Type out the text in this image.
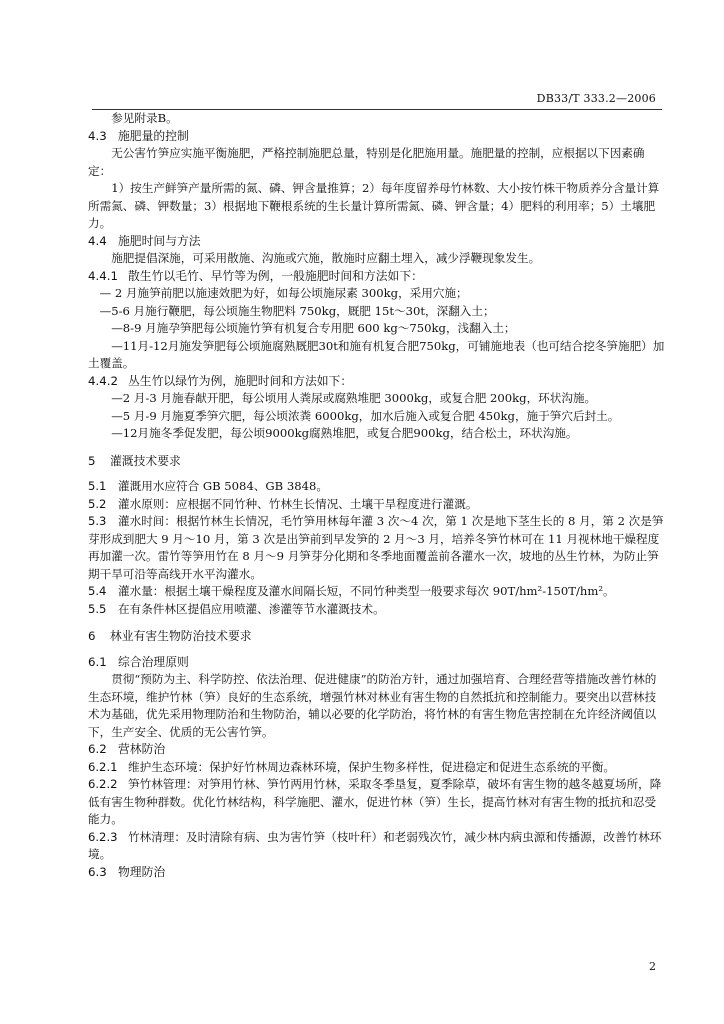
DB33/T 333.2—2006

参见附录B。

4.3 施肥量的控制

无公害竹笋应实施平衡施肥，严格控制施肥总量，特别是化肥施用量。施肥量的控制，应根据以下因素确定：

1）按生产鲜笋产量所需的氮、磷、钾含量推算；2）每年度留养母竹林数、大小按竹株干物质养分含量计算所需氮、磷、钾数量；3）根据地下鞭根系统的生长量计算所需氮、磷、钾含量；4）肥料的利用率；5）土壤肥力。

4.4 施肥时间与方法

施肥提倡深施，可采用散施、沟施或穴施，散施时应翻土埋入，减少浮鞭现象发生。

4.4.1 散生竹以毛竹、早竹等为例，一般施肥时间和方法如下：

— 2 月施笋前肥以施速效肥为好，如每公顷施尿素 300kg，采用穴施；

—5-6 月施行鞭肥，每公顷施生物肥料 750kg，厩肥 15t～30t，深翻入土；

—8-9 月施孕笋肥每公顷施竹笋有机复合专用肥 600 kg～750kg，浅翻入土；

—11月-12月施发笋肥每公顷施腐熟厩肥30t和施有机复合肥750kg，可铺施地表（也可结合挖冬笋施肥）加土覆盖。

4.4.2 丛生竹以绿竹为例，施肥时间和方法如下：

—2 月-3 月施春献开肥，每公顷用人粪尿或腐熟堆肥 3000kg，或复合肥 200kg，环状沟施。

—5 月-9 月施夏季笋穴肥，每公顷浓粪 6000kg，加水后施入或复合肥 450kg，施于笋穴后封土。

—12月施冬季促发肥，每公顷9000kg腐熟堆肥，或复合肥900kg，结合松土，环状沟施。

5 灌溉技术要求

5.1 灌溉用水应符合 GB 5084、GB 3848。

5.2 灌水原则：应根据不同竹种、竹林生长情况、土壤干旱程度进行灌溉。

5.3 灌水时间：根据竹林生长情况，毛竹笋用林每年灌 3 次～4 次，第 1 次是地下茎生长的 8 月，第 2 次是笋芽形成到肥大 9 月～10 月，第 3 次是出笋前到早发笋的 2 月～3 月，培养冬笋竹林可在 11 月视林地干燥程度再加灌一次。雷竹等笋用竹在 8 月～9 月笋芽分化期和冬季地面覆盖前各灌水一次，坡地的丛生竹林，为防止笋期干旱可沿等高线开水平沟灌水。

5.4 灌水量：根据土壤干燥程度及灌水间隔长短，不同竹种类型一般要求每次 90T/hm²-150T/hm²。

5.5 在有条件林区提倡应用喷灌、渗灌等节水灌溉技术。

6 林业有害生物防治技术要求

6.1 综合治理原则

贯彻“预防为主、科学防控、依法治理、促进健康”的防治方针，通过加强培育、合理经营等措施改善竹林的生态环境，维护竹林（笋）良好的生态系统，增强竹林对林业有害生物的自然抵抗和控制能力。要突出以营林技术为基础，优先采用物理防治和生物防治，辅以必要的化学防治，将竹林的有害生物危害控制在允许经济阈值以下，生产安全、优质的无公害竹笋。

6.2 营林防治

6.2.1 维护生态环境：保护好竹林周边森林环境，保护生物多样性，促进稳定和促进生态系统的平衡。

6.2.2 笋竹林管理：对笋用竹林、笋竹两用竹林，采取冬季垦复，夏季除草，破坏有害生物的越冬越夏场所，降低有害生物种群数。优化竹林结构，科学施肥、灌水，促进竹林（笋）生长，提高竹林对有害生物的抵抗和忍受能力。

6.2.3 竹林清理：及时清除有病、虫为害竹笋（枝叶秆）和老弱残次竹，减少林内病虫源和传播源，改善竹林环境。

6.3 物理防治

2
